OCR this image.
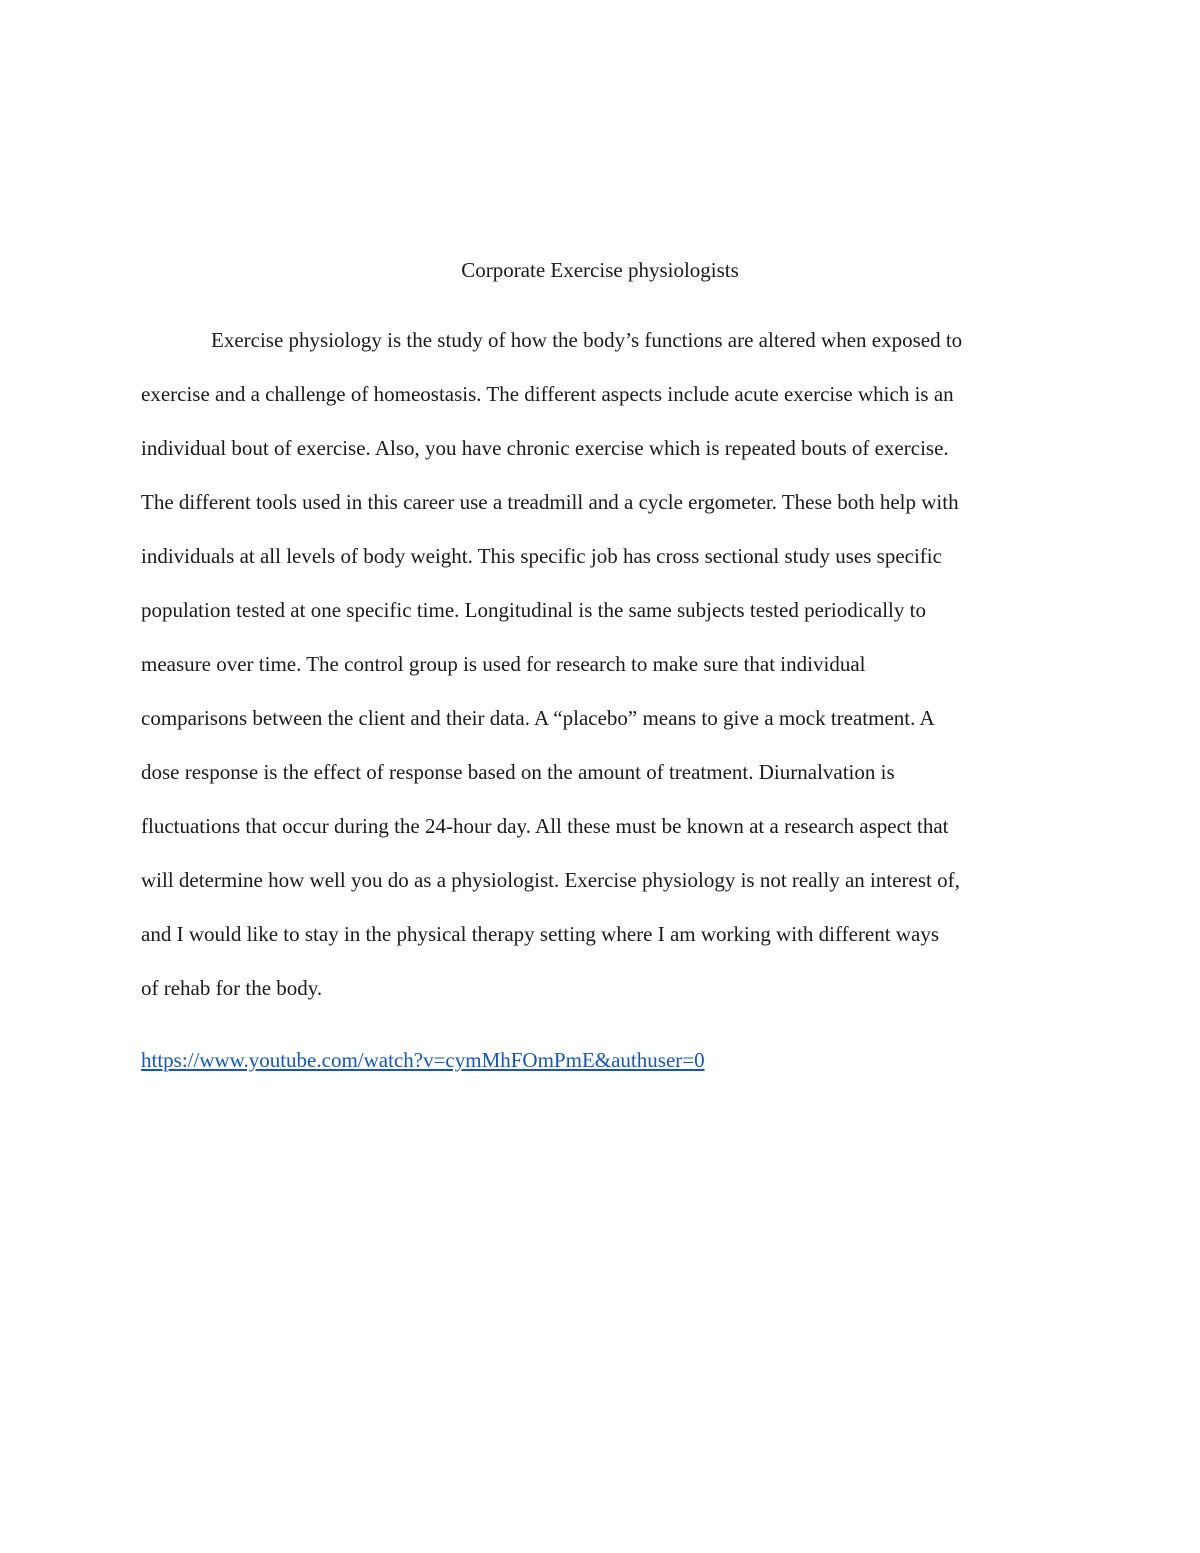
Corporate Exercise physiologists
Exercise physiology is the study of how the body’s functions are altered when exposed to
exercise and a challenge of homeostasis. The different aspects include acute exercise which is an
individual bout of exercise. Also, you have chronic exercise which is repeated bouts of exercise.
The different tools used in this career use a treadmill and a cycle ergometer. These both help with
individuals at all levels of body weight. This specific job has cross sectional study uses specific
population tested at one specific time. Longitudinal is the same subjects tested periodically to
measure over time. The control group is used for research to make sure that individual
comparisons between the client and their data. A “placebo” means to give a mock treatment. A
dose response is the effect of response based on the amount of treatment. Diurnalvation is
fluctuations that occur during the 24-hour day. All these must be known at a research aspect that
will determine how well you do as a physiologist. Exercise physiology is not really an interest of,
and I would like to stay in the physical therapy setting where I am working with different ways
of rehab for the body.
https://www.youtube.com/watch?v=cymMhFOmPmE&authuser=0
